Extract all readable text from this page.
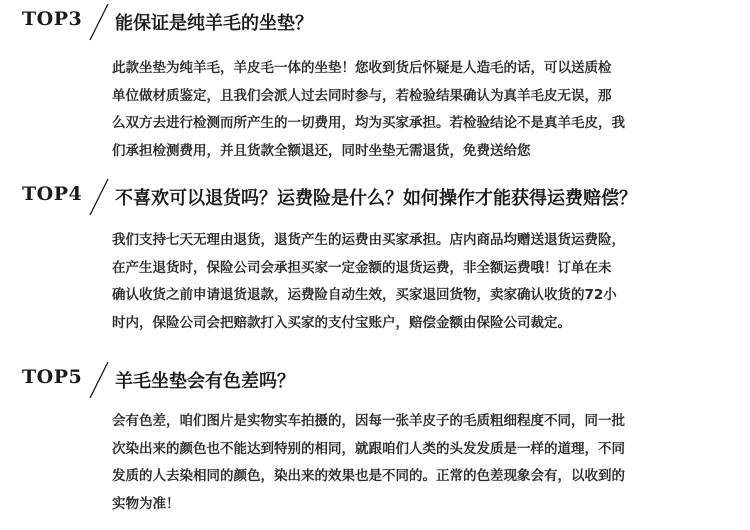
TOP3 能保证是纯羊毛的坐垫？

此款坐垫为纯羊毛，羊皮毛一体的坐垫！您收到货后怀疑是人造毛的话，可以送质检

单位做材质鉴定，且我们会派人过去同时参与，若检验结果确认为真羊毛皮无误，那

么双方去进行检测而所产生的一切费用，均为买家承担。若检验结论不是真羊毛皮，我

们承担检测费用，并且货款全额退还，同时坐垫无需退货，免费送给您

TOP4 不喜欢可以退货吗？运费险是什么？如何操作才能获得运费赔偿？

我们支持七天无理由退货，退货产生的运费由买家承担。店内商品均赠送退货运费险，

在产生退货时，保险公司会承担买家一定金额的退货运费，非全额运费哦！订单在未

确认收货之前申请退货退款，运费险自动生效，买家退回货物，卖家确认收货的72小

时内，保险公司会把赔款打入买家的支付宝账户，赔偿金额由保险公司裁定。

TOP5 羊毛坐垫会有色差吗？

会有色差，咱们图片是实物实车拍摄的，因每一张羊皮子的毛质粗细程度不同，同一批

次染出来的颜色也不能达到特别的相同，就跟咱们人类的头发发质是一样的道理，不同

发质的人去染相同的颜色，染出来的效果也是不同的。正常的色差现象会有，以收到的

实物为准！
